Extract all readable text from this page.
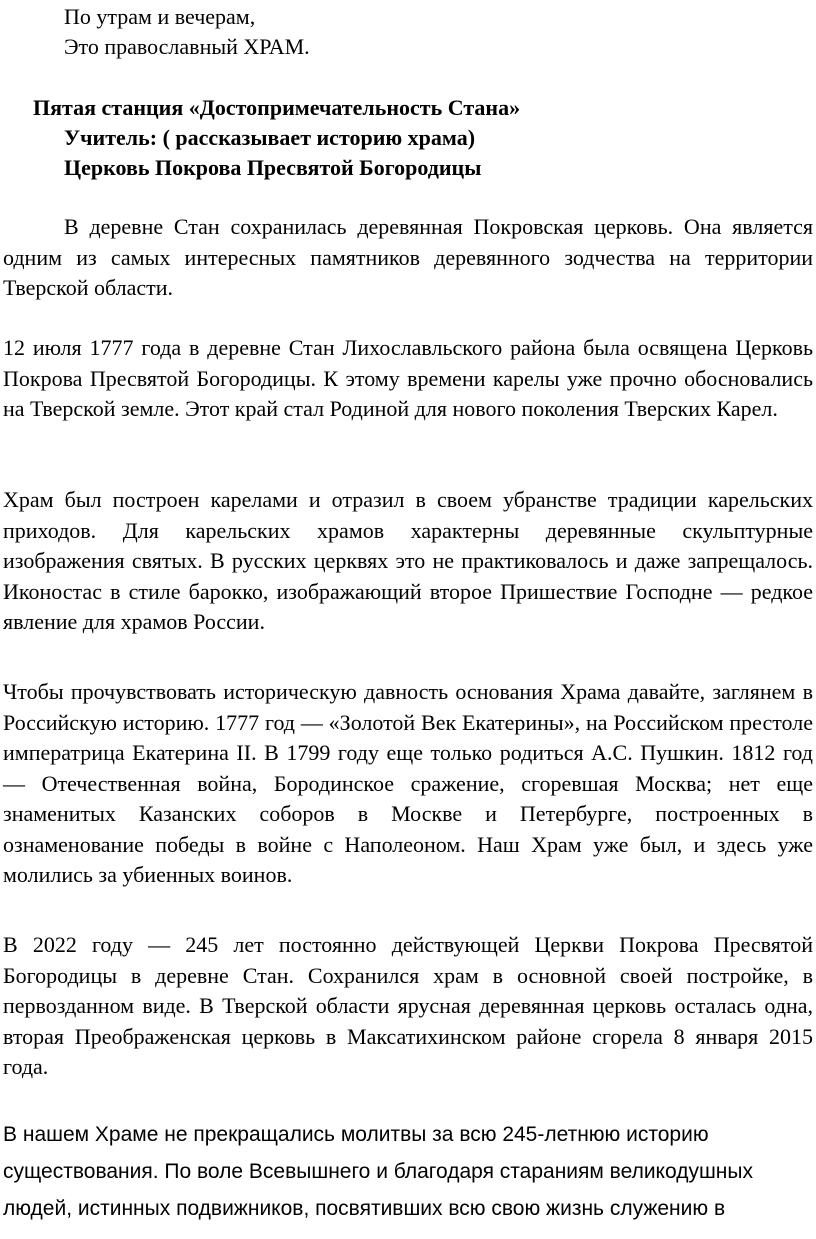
По утрам и вечерам,
Это православный ХРАМ.
Пятая станция «Достопримечательность Стана»
Учитель: ( рассказывает историю храма)
Церковь Покрова Пресвятой Богородицы

В деревне Стан сохранилась деревянная Покровская церковь. Она является одним из самых интересных памятников деревянного зодчества на территории Тверской области.

12 июля 1777 года в деревне Стан Лихославльского района была освящена Церковь Покрова Пресвятой Богородицы. К этому времени карелы уже прочно обосновались на Тверской земле. Этот край стал Родиной для нового поколения Тверских Карел.

Храм был построен карелами и отразил в своем убранстве традиции карельских приходов. Для карельских храмов характерны деревянные скульптурные изображения святых. В русских церквях это не практиковалось и даже запрещалось. Иконостас в стиле барокко, изображающий второе Пришествие Господне — редкое явление для храмов России.

Чтобы прочувствовать историческую давность основания Храма давайте, заглянем в Российскую историю. 1777 год — «Золотой Век Екатерины», на Российском престоле императрица Екатерина II. В 1799 году еще только родиться А.С. Пушкин. 1812 год — Отечественная война, Бородинское сражение, сгоревшая Москва; нет еще знаменитых Казанских соборов в Москве и Петербурге, построенных в ознаменование победы в войне с Наполеоном. Наш Храм уже был, и здесь уже молились за убиенных воинов.

В 2022 году — 245 лет постоянно действующей Церкви Покрова Пресвятой Богородицы в деревне Стан. Сохранился храм в основной своей постройке, в первозданном виде. В Тверской области ярусная деревянная церковь осталась одна, вторая Преображенская церковь в Максатихинском районе сгорела 8 января 2015 года.

В нашем Храме не прекращались молитвы за всю 245-летнюю историю существования. По воле Всевышнего и благодаря стараниям великодушных людей, истинных подвижников, посвятивших всю свою жизнь служению в
